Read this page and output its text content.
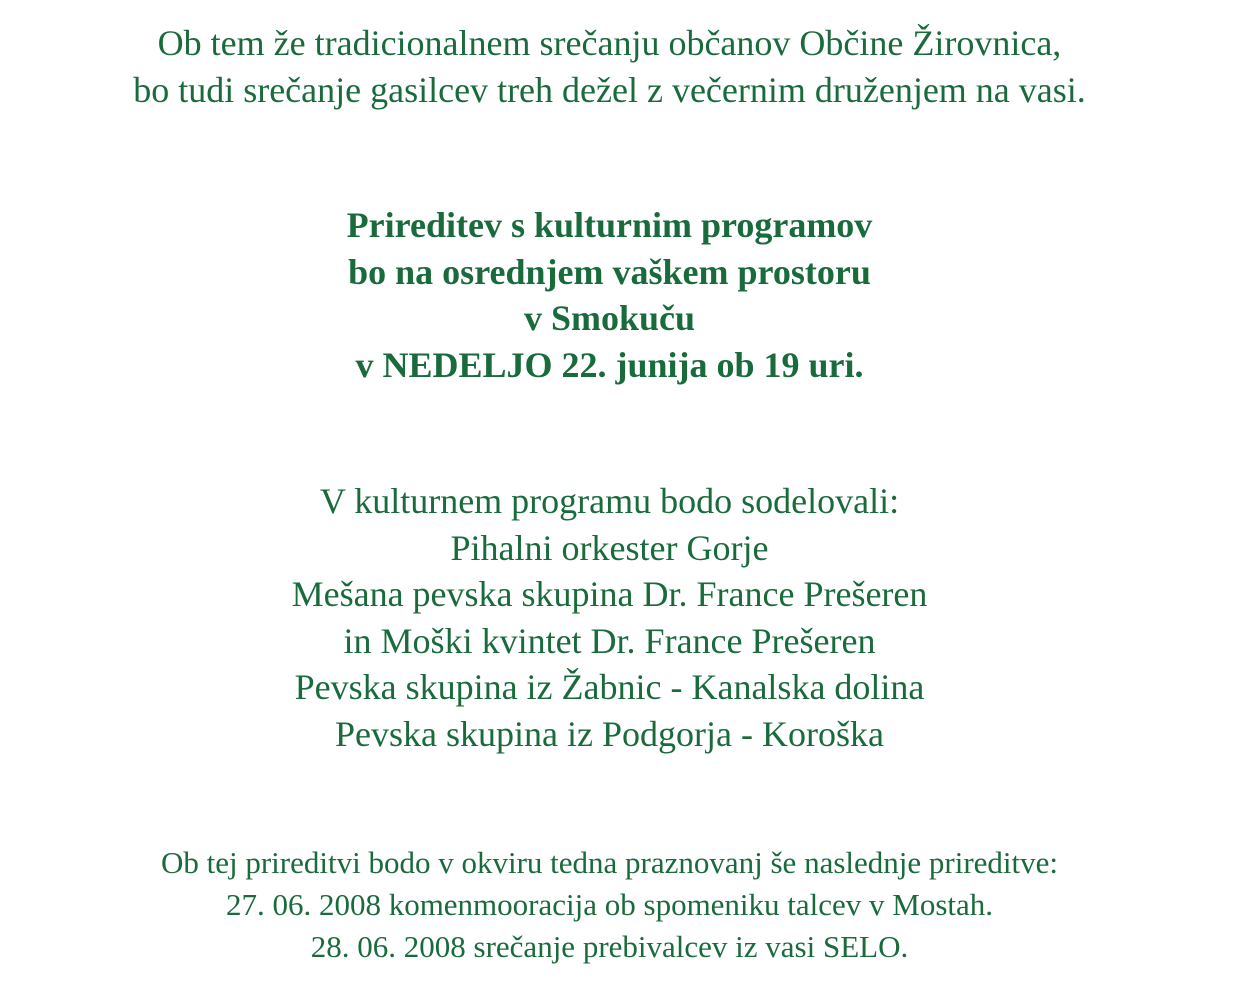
Ob tem že tradicionalnem srečanju občanov Občine Žirovnica,
bo tudi srečanje gasilcev treh dežel z večernim druženjem na vasi.
Prireditev s kulturnim programov
bo na osrednjem vaškem prostoru
v Smokuču
v NEDELJO 22. junija ob 19 uri.
V kulturnem programu bodo sodelovali:
Pihalni orkester Gorje
Mešana pevska skupina Dr. France Prešeren
in Moški kvintet Dr. France Prešeren
Pevska skupina iz Žabnic - Kanalska dolina
Pevska skupina iz Podgorja - Koroška
Ob tej prireditvi bodo v okviru tedna praznovanj še naslednje prireditve:
27. 06. 2008 komenmooracija ob spomeniku talcev v Mostah.
28. 06. 2008 srečanje prebivalcev iz vasi SELO.
